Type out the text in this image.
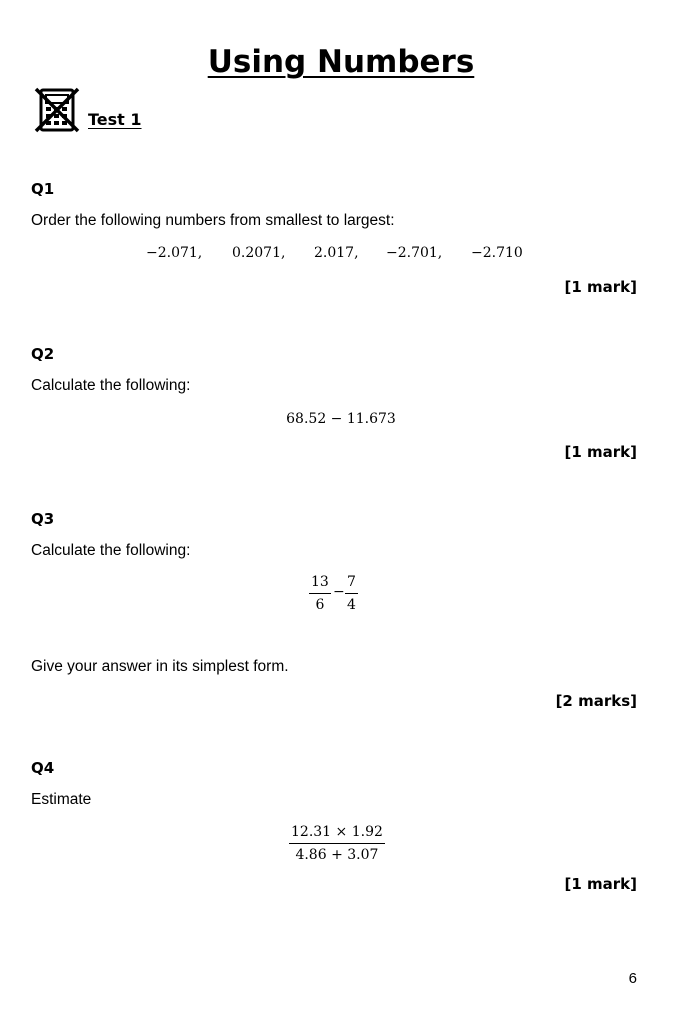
Using Numbers
Test 1
Q1
Order the following numbers from smallest to largest:
−2.071, 0.2071, 2.017, −2.701, −2.710
[1 mark]
Q2
Calculate the following:
68.52 − 11.673
[1 mark]
Q3
Calculate the following:
$\frac{13}{6} - \frac{7}{4}$
Give your answer in its simplest form.
[2 marks]
Q4
Estimate
$\frac{12.31 \times 1.92}{4.86 + 3.07}$
[1 mark]
6
